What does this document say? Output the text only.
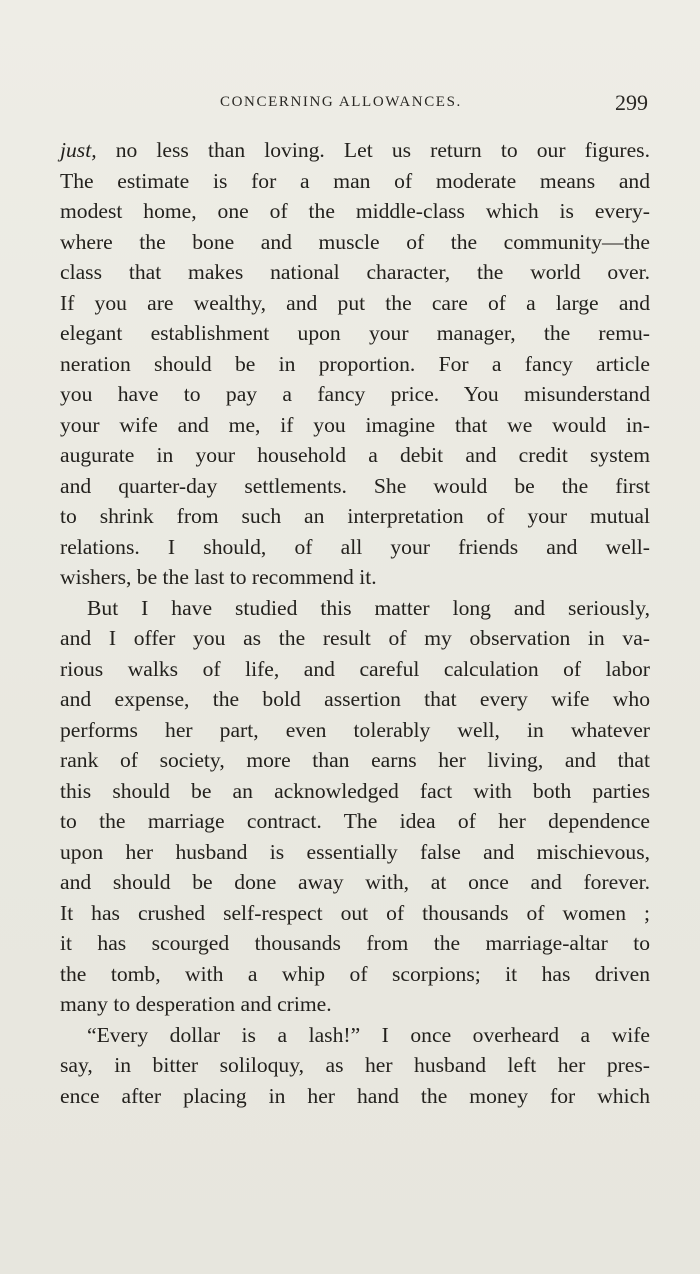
CONCERNING ALLOWANCES.	299
just, no less than loving. Let us return to our figures.
The estimate is for a man of moderate means and
modest home, one of the middle-class which is every-
where the bone and muscle of the community—the
class that makes national character, the world over.
If you are wealthy, and put the care of a large and
elegant establishment upon your manager, the remu-
neration should be in proportion. For a fancy article
you have to pay a fancy price. You misunderstand
your wife and me, if you imagine that we would in-
augurate in your household a debit and credit system
and quarter-day settlements. She would be the first
to shrink from such an interpretation of your mutual
relations. I should, of all your friends and well-
wishers, be the last to recommend it.
But I have studied this matter long and seriously,
and I offer you as the result of my observation in va-
rious walks of life, and careful calculation of labor
and expense, the bold assertion that every wife who
performs her part, even tolerably well, in whatever
rank of society, more than earns her living, and that
this should be an acknowledged fact with both parties
to the marriage contract. The idea of her dependence
upon her husband is essentially false and mischievous,
and should be done away with, at once and forever.
It has crushed self-respect out of thousands of women ;
it has scourged thousands from the marriage-altar to
the tomb, with a whip of scorpions; it has driven
many to desperation and crime.
“Every dollar is a lash!” I once overheard a wife
say, in bitter soliloquy, as her husband left her pres-
ence after placing in her hand the money for which
